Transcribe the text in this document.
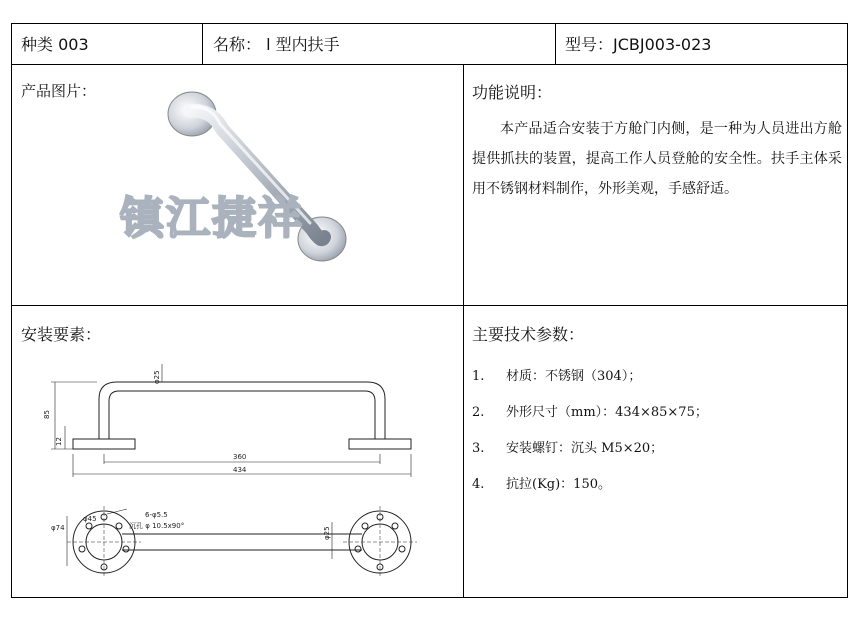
种类 003	名称： l 型内扶手	型号：JCBJ003-023
产品图片：
镇江捷祥
功能说明：

本产品适合安装于方舱门内侧，是一种为人员进出方舱提供抓扶的装置，提高工作人员登舱的安全性。扶手主体采用不锈钢材料制作，外形美观，手感舒适。

安装要素：
85
12
φ25
360
434
φ74
φ45	6-φ5.5
沉孔 φ 10.5x90°
φ25
主要技术参数：
1.	材质：不锈钢（304）；
2.	外形尺寸（mm）：434×85×75；
3.	安装螺钉：沉头 M5×20；
4.	抗拉(Kg)：150。
